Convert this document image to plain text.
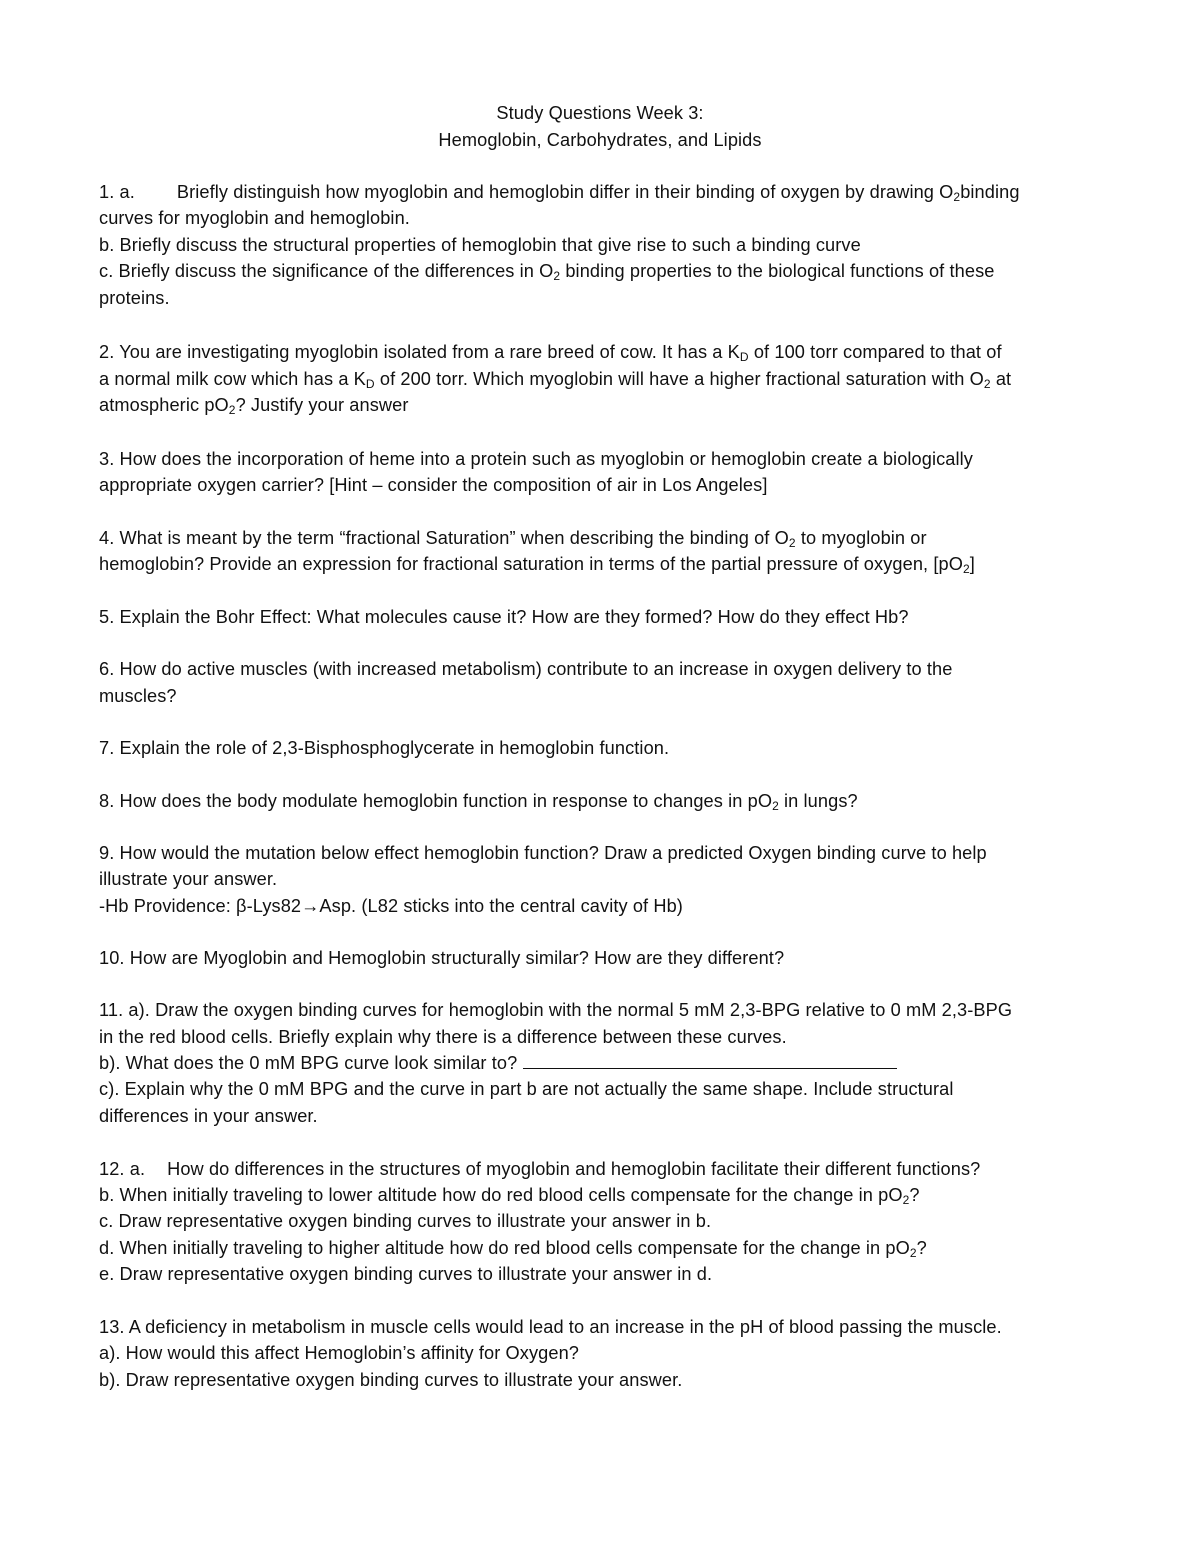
Study Questions Week 3:
Hemoglobin, Carbohydrates, and Lipids
1. a. Briefly distinguish how myoglobin and hemoglobin differ in their binding of oxygen by drawing $O_2binding$
curves for myoglobin and hemoglobin.
b. Briefly discuss the structural properties of hemoglobin that give rise to such a binding curve
c. Briefly discuss the significance of the differences in $O_2$ binding properties to the biological functions of these
proteins.
2. You are investigating myoglobin isolated from a rare breed of cow. It has a $K_D$ of 100 torr compared to that of
a normal milk cow which has a $K_D$ of 200 torr. Which myoglobin will have a higher fractional saturation with $O_2$ at
atmospheric $pO_2$? Justify your answer
3. How does the incorporation of heme into a protein such as myoglobin or hemoglobin create a biologically
appropriate oxygen carrier? [Hint – consider the composition of air in Los Angeles]
4. What is meant by the term “fractional Saturation” when describing the binding of $O_2$ to myoglobin or
hemoglobin? Provide an expression for fractional saturation in terms of the partial pressure of oxygen, $[pO_2]$
5. Explain the Bohr Effect: What molecules cause it? How are they formed? How do they effect Hb?
6. How do active muscles (with increased metabolism) contribute to an increase in oxygen delivery to the
muscles?
7. Explain the role of 2,3-Bisphosphoglycerate in hemoglobin function.
8. How does the body modulate hemoglobin function in response to changes in $pO_2$ in lungs?
9. How would the mutation below effect hemoglobin function? Draw a predicted Oxygen binding curve to help
illustrate your answer.
-Hb Providence: β-Lys82→Asp. (L82 sticks into the central cavity of Hb)
10. How are Myoglobin and Hemoglobin structurally similar? How are they different?
11. a). Draw the oxygen binding curves for hemoglobin with the normal 5 mM 2,3-BPG relative to 0 mM 2,3-BPG
in the red blood cells. Briefly explain why there is a difference between these curves.
b). What does the 0 mM BPG curve look similar to?
c). Explain why the 0 mM BPG and the curve in part b are not actually the same shape. Include structural
differences in your answer.
12. a. How do differences in the structures of myoglobin and hemoglobin facilitate their different functions?
b. When initially traveling to lower altitude how do red blood cells compensate for the change in $pO_2$?
c. Draw representative oxygen binding curves to illustrate your answer in b.
d. When initially traveling to higher altitude how do red blood cells compensate for the change in $pO_2$?
e. Draw representative oxygen binding curves to illustrate your answer in d.
13. A deficiency in metabolism in muscle cells would lead to an increase in the pH of blood passing the muscle.
a). How would this affect Hemoglobin’s affinity for Oxygen?
b). Draw representative oxygen binding curves to illustrate your answer.
